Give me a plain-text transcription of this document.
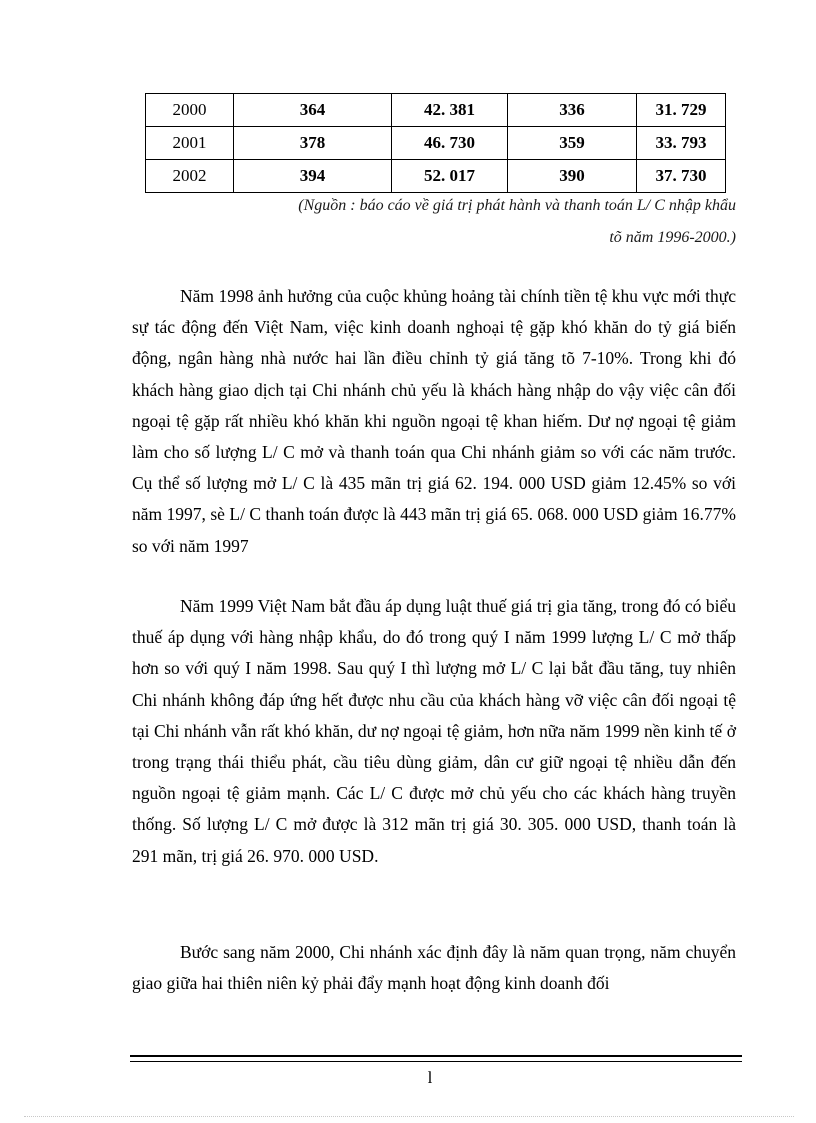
2000	364	42. 381	336	31. 729
2001	378	46. 730	359	33. 793
2002	394	52. 017	390	37. 730
(Nguồn : báo cáo về giá trị phát hành và thanh toán L/ C nhập khẩu
tõ năm 1996-2000.)

Năm 1998 ảnh hưởng của cuộc khủng hoảng tài chính tiền tệ khu vực mới thực sự tác động đến Việt Nam, việc kinh doanh nghoại tệ gặp khó khăn do tỷ giá biến động, ngân hàng nhà nước hai lần điều chỉnh tỷ giá tăng tõ 7-10%. Trong khi đó khách hàng giao dịch tại Chi nhánh chủ yếu là khách hàng nhập do vậy việc cân đối ngoại tệ gặp rất nhiều khó khăn khi nguồn ngoại tệ khan hiếm. Dư nợ ngoại tệ giảm làm cho số lượng L/ C mở và thanh toán qua Chi nhánh giảm so với các năm trước. Cụ thể số lượng mở L/ C là 435 mãn trị giá 62. 194. 000 USD giảm 12.45% so với năm 1997, sè L/ C thanh toán được là 443 mãn trị giá 65. 068. 000 USD giảm 16.77% so với năm 1997

Năm 1999 Việt Nam bắt đầu áp dụng luật thuế giá trị gia tăng, trong đó có biểu thuế áp dụng với hàng nhập khẩu, do đó trong quý I năm 1999 lượng L/ C mở thấp hơn so với quý I năm 1998. Sau quý I thì lượng mở L/ C lại bắt đầu tăng, tuy nhiên Chi nhánh không đáp ứng hết được nhu cầu của khách hàng vỡ việc cân đối ngoại tệ tại Chi nhánh vẫn rất khó khăn, dư nợ ngoại tệ giảm, hơn nữa năm 1999 nền kinh tế ở trong trạng thái thiểu phát, cầu tiêu dùng giảm, dân cư giữ ngoại tệ nhiều dẫn đến nguồn ngoại tệ giảm mạnh. Các L/ C được mở chủ yếu cho các khách hàng truyền thống. Số lượng L/ C mở được là 312 mãn trị giá 30. 305. 000 USD, thanh toán là 291 mãn, trị giá 26. 970. 000 USD.

Bước sang năm 2000, Chi nhánh xác định đây là năm quan trọng, năm chuyển giao giữa hai thiên niên kỷ phải đẩy mạnh hoạt động kinh doanh đối

l
